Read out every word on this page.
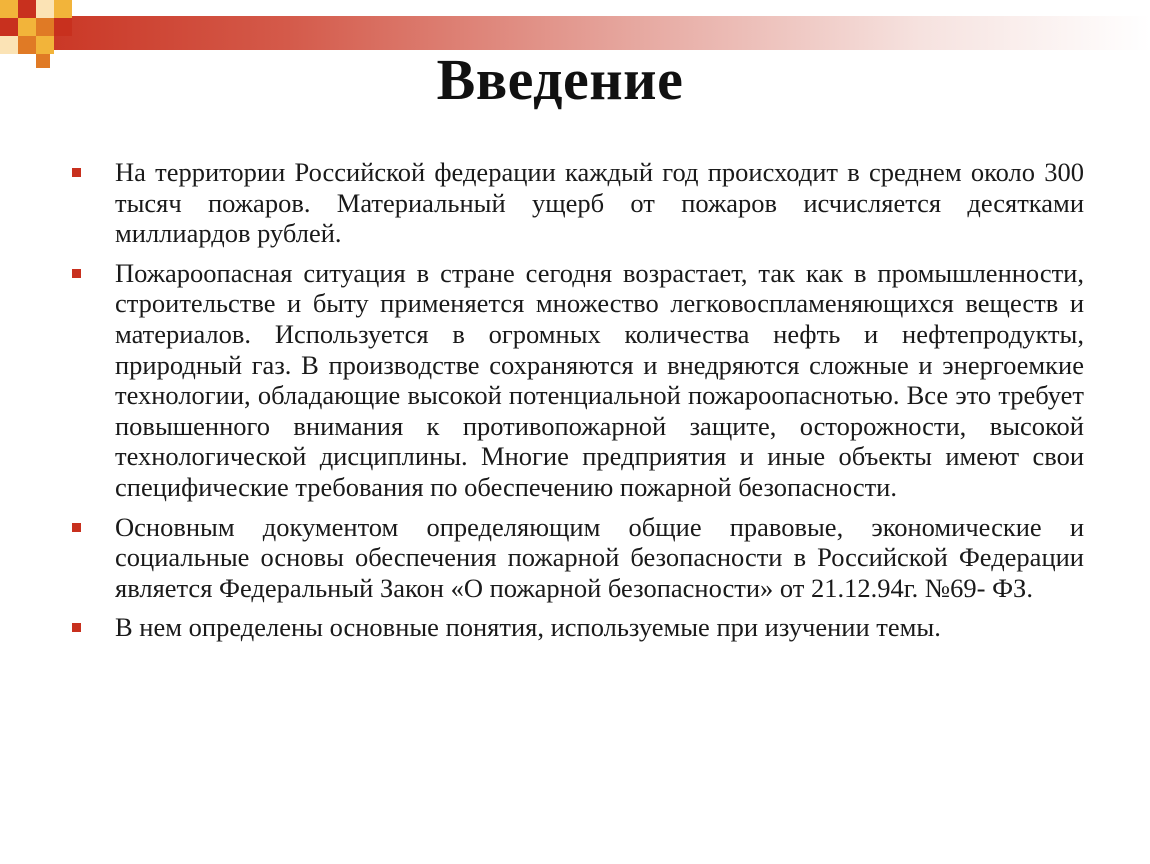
Введение
На территории Российской федерации каждый год происходит в среднем около 300 тысяч пожаров. Материальный ущерб от пожаров исчисляется десятками миллиардов рублей.
Пожароопасная ситуация в стране сегодня возрастает, так как в промышленности, строительстве и быту применяется множество легковоспламеняющихся веществ и материалов. Используется в огромных количества нефть и нефтепродукты, природный газ. В производстве сохраняются и внедряются сложные и энергоемкие технологии, обладающие высокой потенциальной пожароопаснотью. Все это требует повышенного внимания к противопожарной защите, осторожности, высокой технологической дисциплины. Многие предприятия и иные объекты имеют свои специфические требования по обеспечению пожарной безопасности.
Основным документом определяющим общие правовые, экономические и социальные основы обеспечения пожарной безопасности в Российской Федерации является Федеральный Закон «О пожарной безопасности» от 21.12.94г. №69- ФЗ.
В нем определены основные понятия, используемые при изучении темы.
